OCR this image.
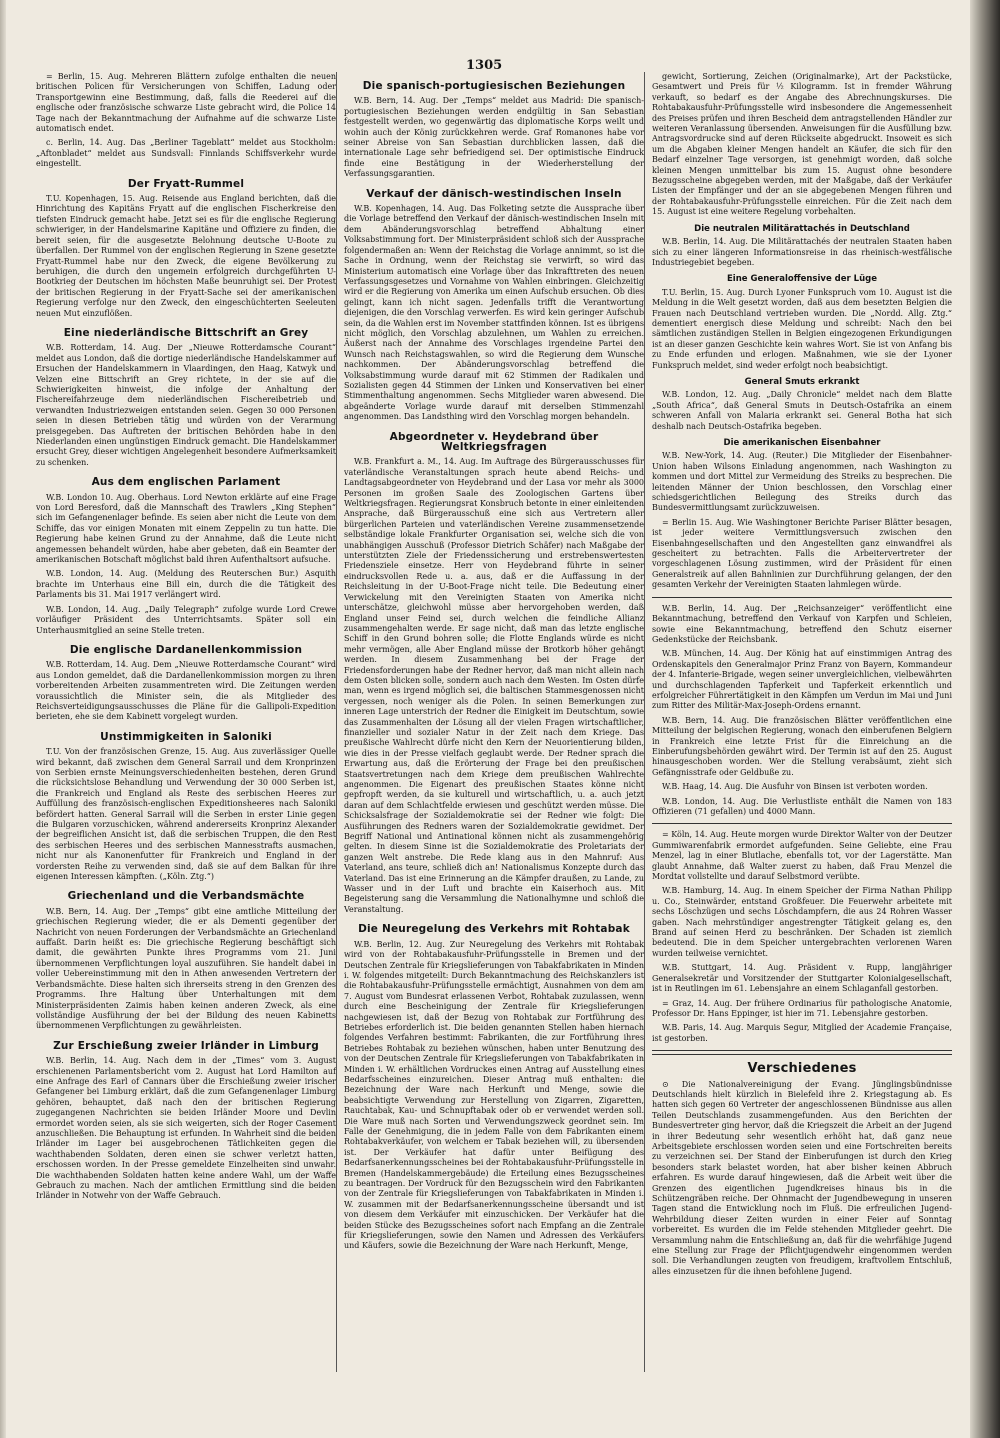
1305

= Berlin, 15. Aug. Mehreren Blättern zufolge enthalten die neuen britischen Policen für Versicherungen von Schiffen, Ladung oder Transportgewinn eine Bestimmung, daß, falls die Reederei auf die englische oder französische schwarze Liste gebracht wird, die Police 14 Tage nach der Bekanntmachung der Aufnahme auf die schwarze Liste automatisch endet.

c. Berlin, 14. Aug. Das „Berliner Tageblatt“ meldet aus Stockholm: „Aftonbladet“ meldet aus Sundsvall: Finnlands Schiffsverkehr wurde eingestellt.

Der Fryatt-Rummel

T.U. Kopenhagen, 15. Aug. Reisende aus England berichten, daß die Hinrichtung des Kapitäns Fryatt auf die englischen Fischerkreise den tiefsten Eindruck gemacht habe. Jetzt sei es für die englische Regierung schwieriger, in der Handelsmarine Kapitäne und Offiziere zu finden, die bereit seien, für die ausgesetzte Belohnung deutsche U-Boote zu überfallen. Der Rummel von der englischen Regierung in Szene gesetzte Fryatt-Rummel habe nur den Zweck, die eigene Bevölkerung zu beruhigen, die durch den ungemein erfolgreich durchgeführten U-Bootkrieg der Deutschen im höchsten Maße beunruhigt sei. Der Protest der britischen Regierung in der Fryatt-Sache sei der amerikanischen Regierung verfolge nur den Zweck, den eingeschüchterten Seeleuten neuen Mut einzuflößen.

Eine niederländische Bittschrift an Grey

W.B. Rotterdam, 14. Aug. Der „Nieuwe Rotterdamsche Courant“ meldet aus London, daß die dortige niederländische Handelskammer auf Ersuchen der Handelskammern in Vlaardingen, den Haag, Katwyk und Velzen eine Bittschrift an Grey richtete, in der sie auf die Schwierigkeiten hinweist, die infolge der Anhaltung der Fischereifahrzeuge dem niederländischen Fischereibetrieb und verwandten Industriezweigen entstanden seien. Gegen 30 000 Personen seien in diesen Betrieben tätig und würden von der Verarmung preisgegeben. Das Auftreten der britischen Behörden habe in den Niederlanden einen ungünstigen Eindruck gemacht. Die Handelskammer ersucht Grey, dieser wichtigen Angelegenheit besondere Aufmerksamkeit zu schenken.

Aus dem englischen Parlament

W.B. London 10. Aug. Oberhaus. Lord Newton erklärte auf eine Frage von Lord Beresford, daß die Mannschaft des Trawlers „King Stephen“ sich im Gefangenenlager befinde. Es seien aber nicht die Leute von dem Schiffe, das vor einigen Monaten mit einem Zeppelin zu tun hatte. Die Regierung habe keinen Grund zu der Annahme, daß die Leute nicht angemessen behandelt würden, habe aber gebeten, daß ein Beamter der amerikanischen Botschaft möglichst bald ihren Aufenthaltsort aufsuche.

W.B. London, 14. Aug. (Meldung des Reuterschen Bur.) Asquith brachte im Unterhaus eine Bill ein, durch die die Tätigkeit des Parlaments bis 31. Mai 1917 verlängert wird.

W.B. London, 14. Aug. „Daily Telegraph“ zufolge wurde Lord Crewe vorläufiger Präsident des Unterrichtsamts. Später soll ein Unterhausmitglied an seine Stelle treten.

Die englische Dardanellenkommission

W.B. Rotterdam, 14. Aug. Dem „Nieuwe Rotterdamsche Courant“ wird aus London gemeldet, daß die Dardanellenkommission morgen zu ihren vorbereitenden Arbeiten zusammentreten wird. Die Zeitungen werden voraussichtlich die Minister sein, die als Mitglieder des Reichsverteidigungsausschusses die Pläne für die Gallipoli-Expedition berieten, ehe sie dem Kabinett vorgelegt wurden.

Unstimmigkeiten in Saloniki

T.U. Von der französischen Grenze, 15. Aug. Aus zuverlässiger Quelle wird bekannt, daß zwischen dem General Sarrail und dem Kronprinzen von Serbien ernste Meinungsverschiedenheiten bestehen, deren Grund die rücksichtslose Behandlung und Verwendung der 30 000 Serben ist, die Frankreich und England als Reste des serbischen Heeres zur Auffüllung des französisch-englischen Expeditionsheeres nach Saloniki befördert hatten. General Sarrail will die Serben in erster Linie gegen die Bulgaren vorzuschicken, während andererseits Kronprinz Alexander der begreiflichen Ansicht ist, daß die serbischen Truppen, die den Rest des serbischen Heeres und des serbischen Mannesstrafts ausmachen, nicht nur als Kanonenfutter für Frankreich und England in der vordersten Reihe zu verwenden sind, daß sie auf dem Balkan für ihre eigenen Interessen kämpften. („Köln. Ztg.“)

Griechenland und die Verbandsmächte

W.B. Bern, 14. Aug. Der „Temps“ gibt eine amtliche Mitteilung der griechischen Regierung wieder, die er als Dementi gegenüber der Nachricht von neuen Forderungen der Verbandsmächte an Griechenland auffaßt. Darin heißt es: Die griechische Regierung beschäftigt sich damit, die gewährten Punkte ihres Programms vom 21. Juni übernommenen Verpflichtungen loyal auszuführen. Sie handelt dabei in voller Uebereinstimmung mit den in Athen anwesenden Vertretern der Verbandsmächte. Diese halten sich ihrerseits streng in den Grenzen des Programms. Ihre Haltung über Unterhaltungen mit dem Ministerpräsidenten Zaimis haben keinen anderen Zweck, als eine vollständige Ausführung der bei der Bildung des neuen Kabinetts übernommenen Verpflichtungen zu gewährleisten.

Zur Erschießung zweier Irländer in Limburg

W.B. Berlin, 14. Aug. Nach dem in der „Times“ vom 3. August erschienenen Parlamentsbericht vom 2. August hat Lord Hamilton auf eine Anfrage des Earl of Cannars über die Erschießung zweier irischer Gefangener bei Limburg erklärt, daß die zum Gefangenenlager Limburg gehören, behauptet, daß nach den der britischen Regierung zugegangenen Nachrichten sie beiden Irländer Moore und Devlin ermordet worden seien, als sie sich weigerten, sich der Roger Casement anzuschließen. Die Behauptung ist erfunden. In Wahrheit sind die beiden Irländer im Lager bei ausgebrochenen Tätlichkeiten gegen die wachthabenden Soldaten, deren einen sie schwer verletzt hatten, erschossen worden. In der Presse gemeldete Einzelheiten sind unwahr. Die wachthabenden Soldaten hatten keine andere Wahl, um der Waffe Gebrauch zu machen. Nach der amtlichen Ermittlung sind die beiden Irländer in Notwehr von der Waffe Gebrauch.

Die spanisch-portugiesischen Beziehungen

W.B. Bern, 14. Aug. Der „Temps“ meldet aus Madrid: Die spanisch-portugiesischen Beziehungen werden endgültig in San Sebastian festgestellt werden, wo gegenwärtig das diplomatische Korps weilt und wohin auch der König zurückkehren werde. Graf Romanones habe vor seiner Abreise von San Sebastian durchblicken lassen, daß die internationale Lage sehr befriedigend sei. Der optimistische Eindruck finde eine Bestätigung in der Wiederherstellung der Verfassungsgarantien.

Verkauf der dänisch-westindischen Inseln

W.B. Kopenhagen, 14. Aug. Das Folketing setzte die Aussprache über die Vorlage betreffend den Verkauf der dänisch-westindischen Inseln mit dem Abänderungsvorschlag betreffend Abhaltung einer Volksabstimmung fort. Der Ministerpräsident schloß sich der Aussprache folgendermaßen an: Wenn der Reichstag die Vorlage annimmt, so ist die Sache in Ordnung, wenn der Reichstag sie verwirft, so wird das Ministerium automatisch eine Vorlage über das Inkrafttreten des neuen Verfassungsgesetzes und Vornahme von Wahlen einbringen. Gleichzeitig wird er die Regierung von Amerika um einen Aufschub ersuchen. Ob dies gelingt, kann ich nicht sagen. Jedenfalls trifft die Verantwortung diejenigen, die den Vorschlag verwerfen. Es wird kein geringer Aufschub sein, da die Wahlen erst im November stattfinden können. Ist es übrigens nicht möglich, den Vorschlag abzulehnen, um Wahlen zu erreichen. Äußerst nach der Annahme des Vorschlages irgendeine Partei den Wunsch nach Reichstagswahlen, so wird die Regierung dem Wunsche nachkommen. Der Abänderungsvorschlag betreffend die Volksabstimmung wurde darauf mit 62 Stimmen der Radikalen und Sozialisten gegen 44 Stimmen der Linken und Konservativen bei einer Stimmenthaltung angenommen. Sechs Mitglieder waren abwesend. Die abgeänderte Vorlage wurde darauf mit derselben Stimmenzahl angenommen. Das Landsthing wird den Vorschlag morgen behandeln.

Abgeordneter v. Heydebrand über Weltkriegsfragen

W.B. Frankfurt a. M., 14. Aug. Im Auftrage des Bürgerausschusses für vaterländische Veranstaltungen sprach heute abend Reichs- und Landtagsabgeordneter von Heydebrand und der Lasa vor mehr als 3000 Personen im großen Saale des Zoologischen Gartens über Weltkriegsfragen. Regierungsrat Konsbruch betonte in einer einleitenden Ansprache, daß Bürgerausschuß eine sich aus Vertretern aller bürgerlichen Parteien und vaterländischen Vereine zusammensetzende selbständige lokale Frankfurter Organisation sei, welche sich die von unabhängigen Ausschuß (Professor Dietrich Schäfer) nach Maßgabe der unterstützten Ziele der Friedenssicherung und erstrebenswertesten Friedensziele einsetze. Herr von Heydebrand führte in seiner eindrucksvollen Rede u. a. aus, daß er die Auffassung in der Reichsleitung in der U-Boot-Frage nicht teile. Die Bedeutung einer Verwickelung mit den Vereinigten Staaten von Amerika nicht unterschätze, gleichwohl müsse aber hervorgehoben werden, daß England unser Feind sei, durch welchen die feindliche Allianz zusammengehalten werde. Er sage nicht, daß man das letzte englische Schiff in den Grund bohren solle; die Flotte Englands würde es nicht mehr vermögen, alle Aber England müsse der Brotkorb höher gehängt werden. In diesem Zusammenhang bei der Frage der Friedensforderungen habe der Redner hervor, daß man nicht allein nach dem Osten blicken solle, sondern auch nach dem Westen. Im Osten dürfe man, wenn es irgend möglich sei, die baltischen Stammesgenossen nicht vergessen, noch weniger als die Polen. In seinen Bemerkungen zur inneren Lage unterstrich der Redner die Einigkeit im Deutschtum, sowie das Zusammenhalten der Lösung all der vielen Fragen wirtschaftlicher, finanzieller und sozialer Natur in der Zeit nach dem Kriege. Das preußische Wahlrecht dürfe nicht den Kern der Neuorientierung bilden, wie dies in der Presse vielfach geglaubt werde. Der Redner sprach die Erwartung aus, daß die Erörterung der Frage bei den preußischen Staatsvertretungen nach dem Kriege dem preußischen Wahlrechte angenommen. Die Eigenart des preußischen Staates könne nicht gepfropft werden, da sie kulturell und wirtschaftlich, u. a. auch jetzt daran auf dem Schlachtfelde erwiesen und geschützt werden müsse. Die Schicksalsfrage der Sozialdemokratie sei der Redner wie folgt: Die Ausführungen des Redners waren der Sozialdemokratie gewidmet. Der Begriff National und Antinational können nicht als zusammengehörig gelten. In diesem Sinne ist die Sozialdemokratie des Proletariats der ganzen Welt anstrebe. Die Rede klang aus in den Mahnruf: Aus Vaterland, ans teure, schließ dich an! Nationalismus Konzepte durch das Vaterland. Das ist eine Erinnerung an die Kämpfer draußen, zu Lande, zu Wasser und in der Luft und brachte ein Kaiserhoch aus. Mit Begeisterung sang die Versammlung die Nationalhymne und schloß die Veranstaltung.

Die Neuregelung des Verkehrs mit Rohtabak

W.B. Berlin, 12. Aug. Zur Neuregelung des Verkehrs mit Rohtabak wird von der Rohtabakausfuhr-Prüfungsstelle in Bremen und der Deutschen Zentrale für Kriegslieferungen von Tabakfabrikaten in Minden i. W. folgendes mitgeteilt: Durch Bekanntmachung des Reichskanzlers ist die Rohtabakausfuhr-Prüfungsstelle ermächtigt, Ausnahmen von dem am 7. August vom Bundesrat erlassenen Verbot, Rohtabak zuzulassen, wenn durch eine Bescheinigung der Zentrale für Kriegslieferungen nachgewiesen ist, daß der Bezug von Rohtabak zur Fortführung des Betriebes erforderlich ist. Die beiden genannten Stellen haben hiernach folgendes Verfahren bestimmt: Fabrikanten, die zur Fortführung ihres Betriebes Rohtabak zu beziehen wünschen, haben unter Benutzung des von der Deutschen Zentrale für Kriegslieferungen von Tabakfabrikaten in Minden i. W. erhältlichen Vordruckes einen Antrag auf Ausstellung eines Bedarfsscheines einzureichen. Dieser Antrag muß enthalten: die Bezeichnung der Ware nach Herkunft und Menge, sowie die beabsichtigte Verwendung zur Herstellung von Zigarren, Zigaretten, Rauchtabak, Kau- und Schnupftabak oder ob er verwendet werden soll. Die Ware muß nach Sorten und Verwendungszweck geordnet sein. Im Falle der Genehmigung, die in jedem Falle von dem Fabrikanten einem Rohtabakverkäufer, von welchem er Tabak beziehen will, zu übersenden ist. Der Verkäufer hat dafür unter Beifügung des Bedarfsanerkennungsscheines bei der Rohtabakausfuhr-Prüfungsstelle in Bremen (Handelskammergebäude) die Erteilung eines Bezugsscheines zu beantragen. Der Vordruck für den Bezugsschein wird den Fabrikanten von der Zentrale für Kriegslieferungen von Tabakfabrikaten in Minden i. W. zusammen mit der Bedarfsanerkennungsscheine übersandt und ist von diesem dem Verkäufer mit einzuschicken. Der Verkäufer hat die beiden Stücke des Bezugsscheines sofort nach Empfang an die Zentrale für Kriegslieferungen, sowie den Namen und Adressen des Verkäufers und Käufers, sowie die Bezeichnung der Ware nach Herkunft, Menge,

gewicht, Sortierung, Zeichen (Originalmarke), Art der Packstücke, Gesamtwert und Preis für ½ Kilogramm. Ist in fremder Währung verkauft, so bedarf es der Angabe des Abrechnungskurses. Die Rohtabakausfuhr-Prüfungsstelle wird insbesondere die Angemessenheit des Preises prüfen und ihren Bescheid dem antragstellenden Händler zur weiteren Veranlassung übersenden. Anweisungen für die Ausfüllung bzw. Antragsvordrucke sind auf deren Rückseite abgedruckt. Insoweit es sich um die Abgaben kleiner Mengen handelt an Käufer, die sich für den Bedarf einzelner Tage versorgen, ist genehmigt worden, daß solche kleinen Mengen unmittelbar bis zum 15. August ohne besondere Bezugsscheine abgegeben werden, mit der Maßgabe, daß der Verkäufer Listen der Empfänger und der an sie abgegebenen Mengen führen und der Rohtabakausfuhr-Prüfungsstelle einreichen. Für die Zeit nach dem 15. August ist eine weitere Regelung vorbehalten.

Die neutralen Militärattachés in Deutschland

W.B. Berlin, 14. Aug. Die Militärattachés der neutralen Staaten haben sich zu einer längeren Informationsreise in das rheinisch-westfälische Industriegebiet begeben.

Eine Generaloffensive der Lüge

T.U. Berlin, 15. Aug. Durch Lyoner Funkspruch vom 10. August ist die Meldung in die Welt gesetzt worden, daß aus dem besetzten Belgien die Frauen nach Deutschland vertrieben wurden. Die „Nordd. Allg. Ztg.“ dementiert energisch diese Meldung und schreibt: Nach den bei sämtlichen zuständigen Stellen in Belgien eingezogenen Erkundigungen ist an dieser ganzen Geschichte kein wahres Wort. Sie ist von Anfang bis zu Ende erfunden und erlogen. Maßnahmen, wie sie der Lyoner Funkspruch meldet, sind weder erfolgt noch beabsichtigt.

General Smuts erkrankt

W.B. London, 12. Aug. „Daily Chronicle“ meldet nach dem Blatte „South Africa“, daß General Smuts in Deutsch-Ostafrika an einem schweren Anfall von Malaria erkrankt sei. General Botha hat sich deshalb nach Deutsch-Ostafrika begeben.

Die amerikanischen Eisenbahner

W.B. New-York, 14. Aug. (Reuter.) Die Mitglieder der Eisenbahner-Union haben Wilsons Einladung angenommen, nach Washington zu kommen und dort Mittel zur Vermeidung des Streiks zu besprechen. Die leitenden Männer der Union beschlossen, den Vorschlag einer schiedsgerichtlichen Beilegung des Streiks durch das Bundesvermittlungsamt zurückzuweisen.

= Berlin 15. Aug. Wie Washingtoner Berichte Pariser Blätter besagen, ist jeder weitere Vermittlungsversuch zwischen den Eisenbahngesellschaften und den Angestellten ganz einwandfrei als gescheitert zu betrachten. Falls die Arbeitervertreter der vorgeschlagenen Lösung zustimmen, wird der Präsident für einen Generalstreik auf allen Bahnlinien zur Durchführung gelangen, der den gesamten Verkehr der Vereinigten Staaten lahmlegen würde.

W.B. Berlin, 14. Aug. Der „Reichsanzeiger“ veröffentlicht eine Bekanntmachung, betreffend den Verkauf von Karpfen und Schleien, sowie eine Bekanntmachung, betreffend den Schutz eiserner Gedenkstücke der Reichsbank.

W.B. München, 14. Aug. Der König hat auf einstimmigen Antrag des Ordenskapitels den Generalmajor Prinz Franz von Bayern, Kommandeur der 4. Infanterie-Brigade, wegen seiner unvergleichlichen, vielbewährten und durchschlagenden Tapferkeit und Tapferkeit erkenntlich und erfolgreicher Führertätigkeit in den Kämpfen um Verdun im Mai und Juni zum Ritter des Militär-Max-Joseph-Ordens ernannt.

W.B. Bern, 14. Aug. Die französischen Blätter veröffentlichen eine Mitteilung der belgischen Regierung, wonach den einberufenen Belgiern in Frankreich eine letzte Frist für die Einreichung an die Einberufungsbehörden gewährt wird. Der Termin ist auf den 25. August hinausgeschoben worden. Wer die Stellung verabsäumt, zieht sich Gefängnisstrafe oder Geldbuße zu.

W.B. Haag, 14. Aug. Die Ausfuhr von Binsen ist verboten worden.

W.B. London, 14. Aug. Die Verlustliste enthält die Namen von 183 Offizieren (71 gefallen) und 4000 Mann.

= Köln, 14. Aug. Heute morgen wurde Direktor Walter von der Deutzer Gummiwarenfabrik ermordet aufgefunden. Seine Geliebte, eine Frau Menzel, lag in einer Blutlache, ebenfalls tot, vor der Lagerstätte. Man glaubt Annahme, daß Walter zuerst zu haben, daß Frau Menzel die Mordtat vollstellte und darauf Selbstmord verübte.

W.B. Hamburg, 14. Aug. In einem Speicher der Firma Nathan Philipp u. Co., Steinwärder, entstand Großfeuer. Die Feuerwehr arbeitete mit sechs Löschzügen und sechs Löschdampfern, die aus 24 Rohren Wasser gaben. Nach mehrstündiger angestrengter Tätigkeit gelang es, den Brand auf seinen Herd zu beschränken. Der Schaden ist ziemlich bedeutend. Die in dem Speicher untergebrachten verlorenen Waren wurden teilweise vernichtet.

W.B. Stuttgart, 14. Aug. Präsident v. Rupp, langjähriger Generalsekretär und Vorsitzender der Stuttgarter Kolonialgesellschaft, ist in Reutlingen im 61. Lebensjahre an einem Schlaganfall gestorben.

= Graz, 14. Aug. Der frühere Ordinarius für pathologische Anatomie, Professor Dr. Hans Eppinger, ist hier im 71. Lebensjahre gestorben.

W.B. Paris, 14. Aug. Marquis Segur, Mitglied der Academie Française, ist gestorben.

Verschiedenes

⊙ Die Nationalvereinigung der Evang. Jünglingsbündnisse Deutschlands hielt kürzlich in Bielefeld ihre 2. Kriegstagung ab. Es hatten sich gegen 60 Vertreter der angeschlossenen Bündnisse aus allen Teilen Deutschlands zusammengefunden. Aus den Berichten der Bundesvertreter ging hervor, daß die Kriegszeit die Arbeit an der Jugend in ihrer Bedeutung sehr wesentlich erhöht hat, daß ganz neue Arbeitsgebiete erschlossen worden seien und eine Fortschreiten bereits zu verzeichnen sei. Der Stand der Einberufungen ist durch den Krieg besonders stark belastet worden, hat aber bisher keinen Abbruch erfahren. Es wurde darauf hingewiesen, daß die Arbeit weit über die Grenzen des eigentlichen Jugendkreises hinaus bis in die Schützengräben reiche. Der Ohnmacht der Jugendbewegung in unseren Tagen stand die Entwicklung noch im Fluß. Die erfreulichen Jugend-Wehrbildung dieser Zeiten wurden in einer Feier auf Sonntag vorbereitet. Es wurden die im Felde stehenden Mitglieder geehrt. Die Versammlung nahm die Entschließung an, daß für die wehrfähige Jugend eine Stellung zur Frage der Pflichtjugendwehr eingenommen werden soll. Die Verhandlungen zeugten von freudigem, kraftvollem Entschluß, alles einzusetzen für die ihnen befohlene Jugend.
